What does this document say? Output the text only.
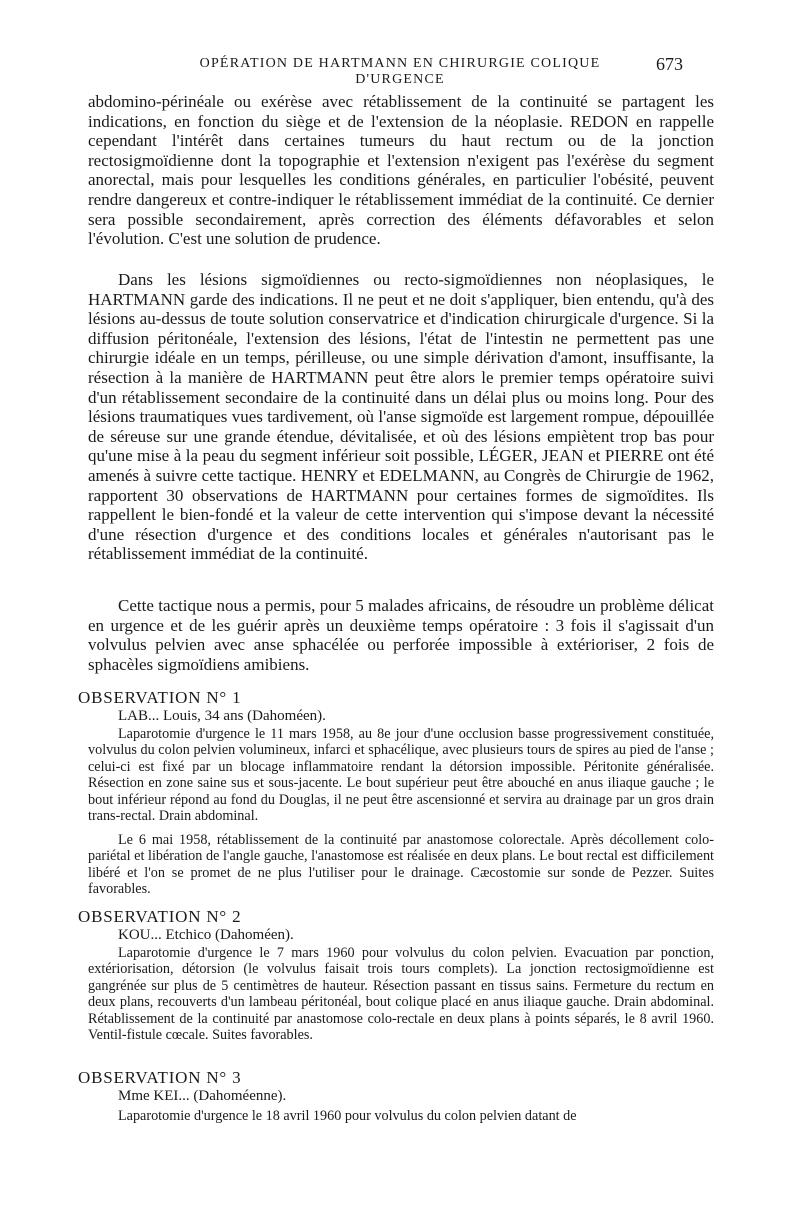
OPÉRATION DE HARTMANN EN CHIRURGIE COLIQUE D'URGENCE
673

abdomino-périnéale ou exérèse avec rétablissement de la continuité se partagent les indications, en fonction du siège et de l'extension de la néoplasie. REDON en rappelle cependant l'intérêt dans certaines tumeurs du haut rectum ou de la jonction rectosigmoïdienne dont la topographie et l'extension n'exigent pas l'exérèse du segment anorectal, mais pour lesquelles les conditions générales, en particulier l'obésité, peuvent rendre dangereux et contre-indiquer le rétablissement immédiat de la continuité. Ce dernier sera possible secondairement, après correction des éléments défavorables et selon l'évolution. C'est une solution de prudence.

Dans les lésions sigmoïdiennes ou recto-sigmoïdiennes non néoplasiques, le HARTMANN garde des indications. Il ne peut et ne doit s'appliquer, bien entendu, qu'à des lésions au-dessus de toute solution conservatrice et d'indication chirurgicale d'urgence. Si la diffusion péritonéale, l'extension des lésions, l'état de l'intestin ne permettent pas une chirurgie idéale en un temps, périlleuse, ou une simple dérivation d'amont, insuffisante, la résection à la manière de HARTMANN peut être alors le premier temps opératoire suivi d'un rétablissement secondaire de la continuité dans un délai plus ou moins long. Pour des lésions traumatiques vues tardivement, où l'anse sigmoïde est largement rompue, dépouillée de séreuse sur une grande étendue, dévitalisée, et où des lésions empiètent trop bas pour qu'une mise à la peau du segment inférieur soit possible, LÉGER, JEAN et PIERRE ont été amenés à suivre cette tactique. HENRY et EDELMANN, au Congrès de Chirurgie de 1962, rapportent 30 observations de HARTMANN pour certaines formes de sigmoïdites. Ils rappellent le bien-fondé et la valeur de cette intervention qui s'impose devant la nécessité d'une résection d'urgence et des conditions locales et générales n'autorisant pas le rétablissement immédiat de la continuité.

Cette tactique nous a permis, pour 5 malades africains, de résoudre un problème délicat en urgence et de les guérir après un deuxième temps opératoire : 3 fois il s'agissait d'un volvulus pelvien avec anse sphacélée ou perforée impossible à extérioriser, 2 fois de sphacèles sigmoïdiens amibiens.

OBSERVATION N° 1
LAB... Louis, 34 ans (Dahoméen).

Laparotomie d'urgence le 11 mars 1958, au 8e jour d'une occlusion basse progressivement constituée, volvulus du colon pelvien volumineux, infarci et sphacélique, avec plusieurs tours de spires au pied de l'anse ; celui-ci est fixé par un blocage inflammatoire rendant la détorsion impossible. Péritonite généralisée. Résection en zone saine sus et sous-jacente. Le bout supérieur peut être abouché en anus iliaque gauche ; le bout inférieur répond au fond du Douglas, il ne peut être ascensionné et servira au drainage par un gros drain trans-rectal. Drain abdominal.

Le 6 mai 1958, rétablissement de la continuité par anastomose colorectale. Après décollement colo-pariétal et libération de l'angle gauche, l'anastomose est réalisée en deux plans. Le bout rectal est difficilement libéré et l'on se promet de ne plus l'utiliser pour le drainage. Cæcostomie sur sonde de Pezzer. Suites favorables.

OBSERVATION N° 2
KOU... Etchico (Dahoméen).

Laparotomie d'urgence le 7 mars 1960 pour volvulus du colon pelvien. Evacuation par ponction, extériorisation, détorsion (le volvulus faisait trois tours complets). La jonction rectosigmoïdienne est gangrénée sur plus de 5 centimètres de hauteur. Résection passant en tissus sains. Fermeture du rectum en deux plans, recouverts d'un lambeau péritonéal, bout colique placé en anus iliaque gauche. Drain abdominal. Rétablissement de la continuité par anastomose colo-rectale en deux plans à points séparés, le 8 avril 1960. Ventil-fistule cœcale. Suites favorables.

OBSERVATION N° 3
Mme KEI... (Dahoméenne).

Laparotomie d'urgence le 18 avril 1960 pour volvulus du colon pelvien datant de
